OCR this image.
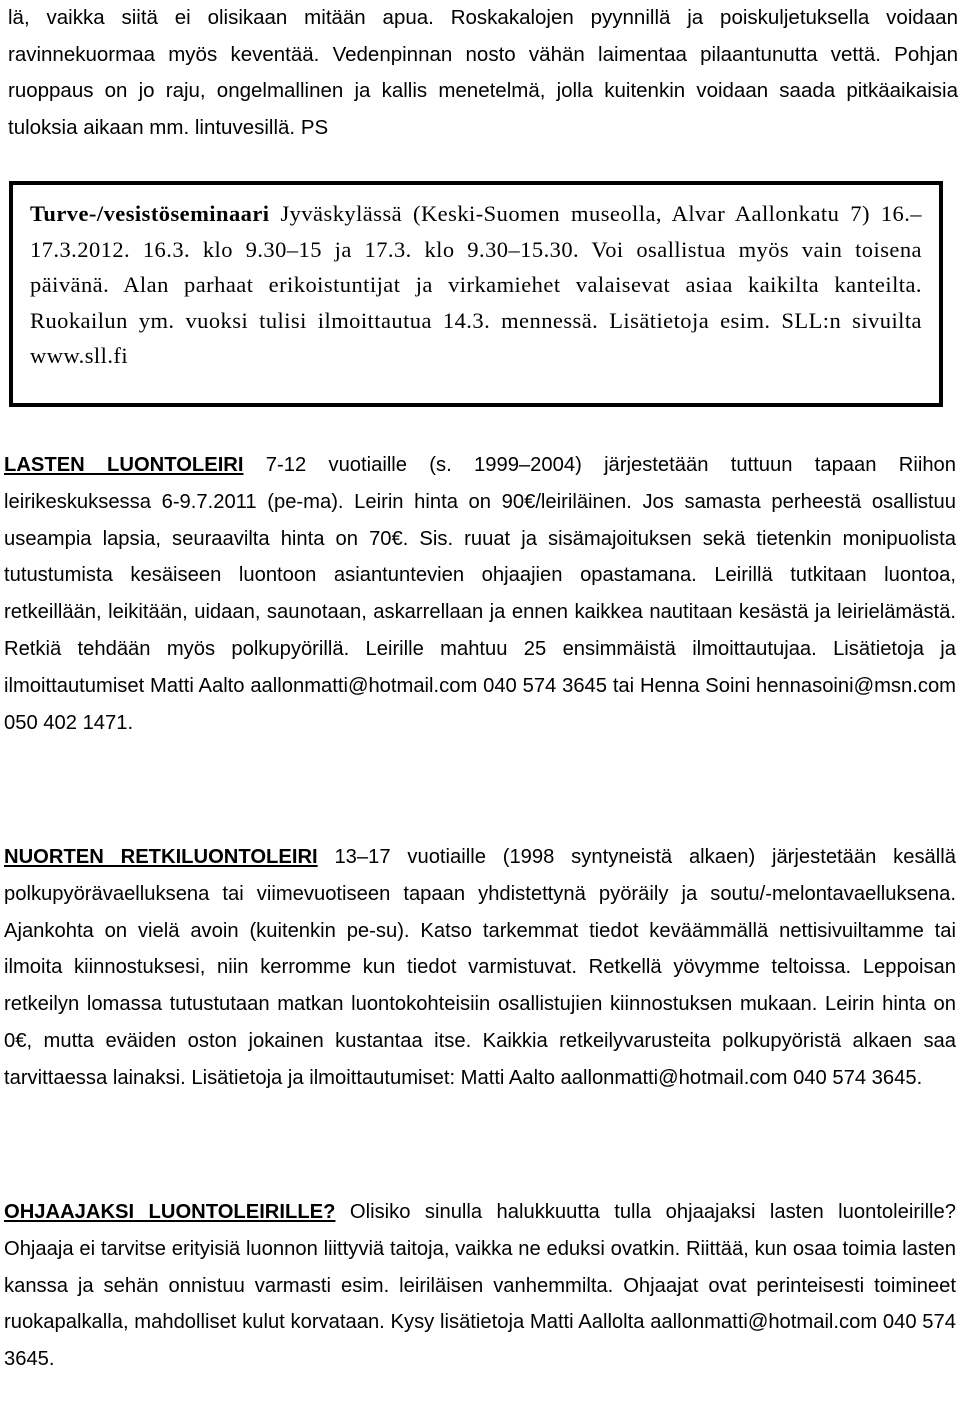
lä, vaikka siitä ei olisikaan mitään apua. Roskakalojen pyynnillä ja poiskuljetuksella voidaan ravinnekuormaa myös keventää. Vedenpinnan nosto vähän laimentaa pilaantunutta vettä. Pohjan ruoppaus on jo raju, ongelmallinen ja kallis menetelmä, jolla kuitenkin voidaan saada pitkäaikaisia tuloksia aikaan mm. lintuvesillä. PS

Turve-/vesistöseminaari Jyväskylässä (Keski-Suomen museolla, Alvar Aallonkatu 7) 16.–17.3.2012. 16.3. klo 9.30–15 ja 17.3. klo 9.30–15.30. Voi osallistua myös vain toisena päivänä. Alan parhaat erikoistuntijat ja virkamiehet valaisevat asiaa kaikilta kanteilta. Ruokailun ym. vuoksi tulisi ilmoittautua 14.3. mennessä. Lisätietoja esim. SLL:n sivuilta www.sll.fi

LASTEN LUONTOLEIRI 7-12 vuotiaille (s. 1999–2004) järjestetään tuttuun tapaan Riihon leirikeskuksessa 6-9.7.2011 (pe-ma). Leirin hinta on 90€/leiriläinen. Jos samasta perheestä osallistuu useampia lapsia, seuraavilta hinta on 70€. Sis. ruuat ja sisämajoituksen sekä tietenkin monipuolista tutustumista kesäiseen luontoon asiantuntevien ohjaajien opastamana. Leirillä tutkitaan luontoa, retkeillään, leikitään, uidaan, saunotaan, askarrellaan ja ennen kaikkea nautitaan kesästä ja leirielämästä. Retkiä tehdään myös polkupyörillä. Leirille mahtuu 25 ensimmäistä ilmoittautujaa. Lisätietoja ja ilmoittautumiset Matti Aalto aallonmatti@hotmail.com 040 574 3645 tai Henna Soini hennasoini@msn.com 050 402 1471.

NUORTEN RETKILUONTOLEIRI 13–17 vuotiaille (1998 syntyneistä alkaen) järjestetään kesällä polkupyörävaelluksena tai viimevuotiseen tapaan yhdistettynä pyöräily ja soutu/-melontavaelluksena. Ajankohta on vielä avoin (kuitenkin pe-su). Katso tarkemmat tiedot keväämmällä nettisivuiltamme tai ilmoita kiinnostuksesi, niin kerromme kun tiedot varmistuvat. Retkellä yövymme teltoissa. Leppoisan retkeilyn lomassa tutustutaan matkan luontokohteisiin osallistujien kiinnostuksen mukaan. Leirin hinta on 0€, mutta eväiden oston jokainen kustantaa itse. Kaikkia retkeilyvarusteita polkupyöristä alkaen saa tarvittaessa lainaksi. Lisätietoja ja ilmoittautumiset: Matti Aalto aallonmatti@hotmail.com 040 574 3645.

OHJAAJAKSI LUONTOLEIRILLE? Olisiko sinulla halukkuutta tulla ohjaajaksi lasten luontoleirille? Ohjaaja ei tarvitse erityisiä luonnon liittyviä taitoja, vaikka ne eduksi ovatkin. Riittää, kun osaa toimia lasten kanssa ja sehän onnistuu varmasti esim. leiriläisen vanhemmilta. Ohjaajat ovat perinteisesti toimineet ruokapalkalla, mahdolliset kulut korvataan. Kysy lisätietoja Matti Aallolta aallonmatti@hotmail.com 040 574 3645.
